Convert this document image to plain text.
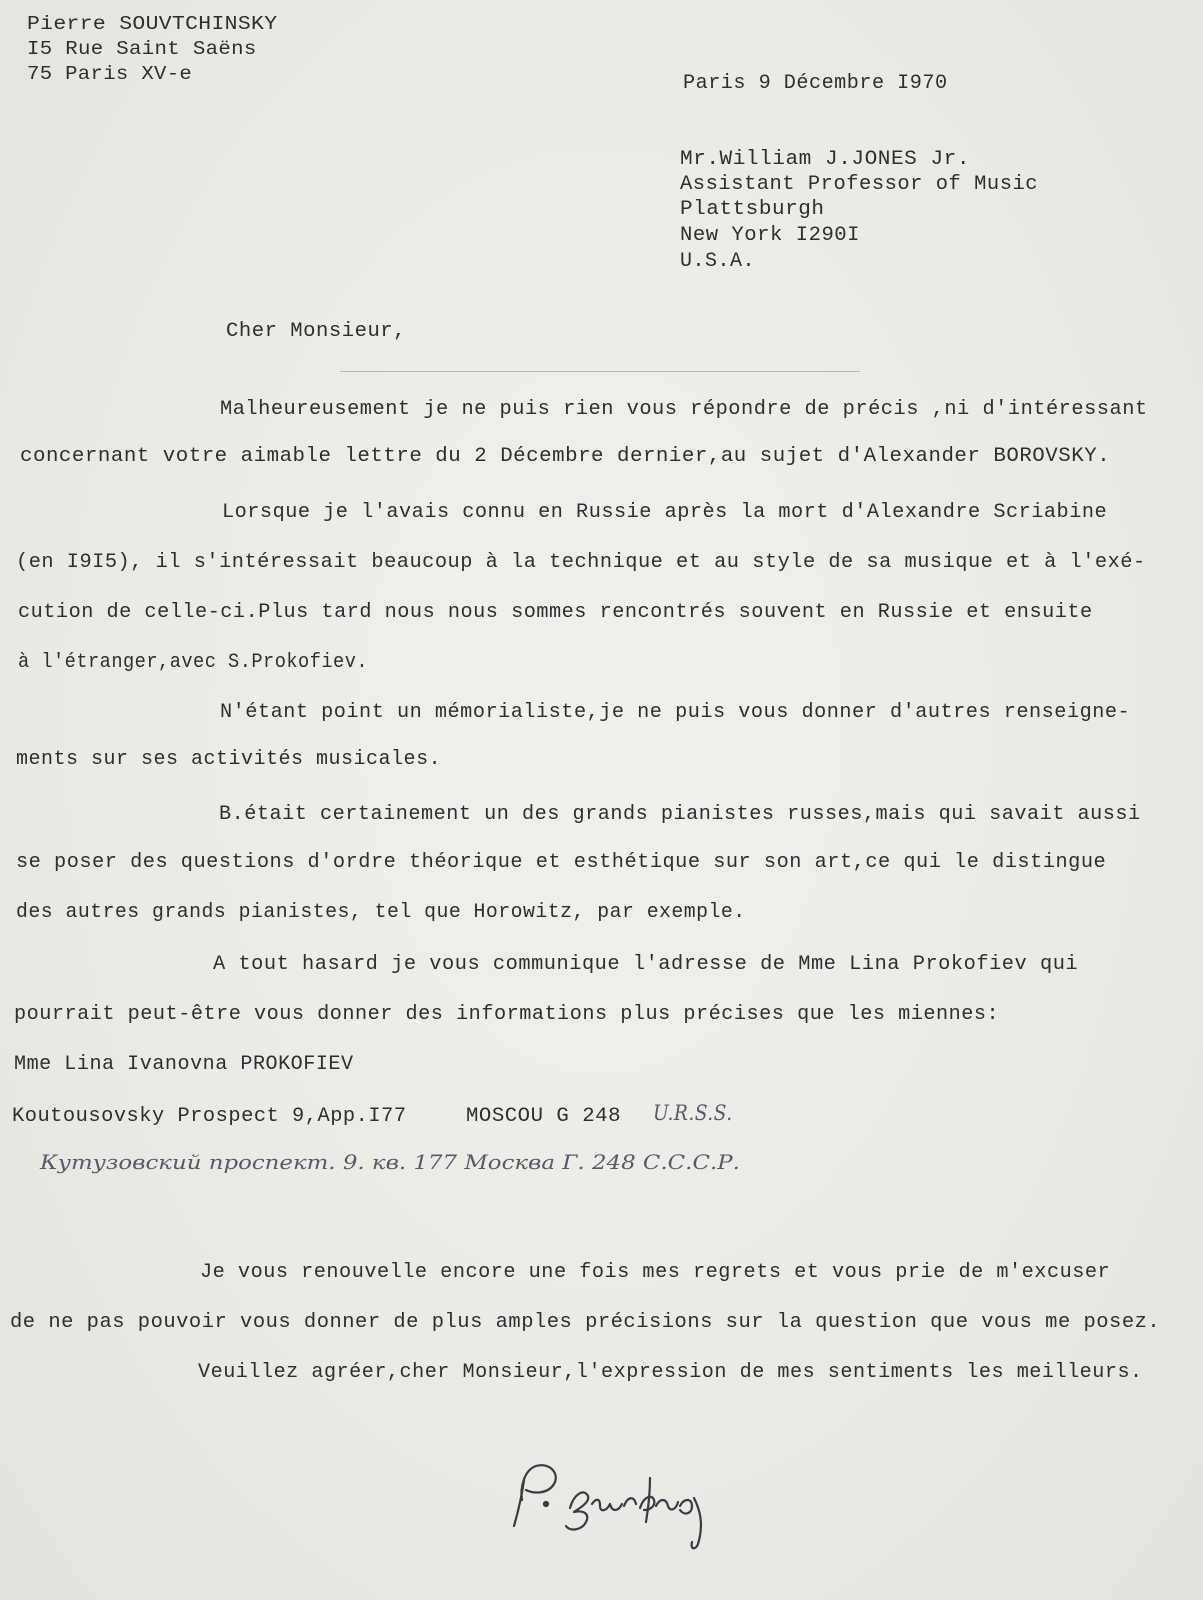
Pierre SOUVTCHINSKY
I5 Rue Saint Saëns
75 Paris XV-e	Paris 9 Décembre I970
Mr.William J.JONES Jr.
Assistant Professor of Music
Plattsburgh
New York I290I
U.S.A.
Cher Monsieur,
Malheureusement je ne puis rien vous répondre de précis ,ni d'intéressant
concernant votre aimable lettre du 2 Décembre dernier,au sujet d'Alexander BOROVSKY.
Lorsque je l'avais connu en Russie après la mort d'Alexandre Scriabine
(en I9I5), il s'intéressait beaucoup à la technique et au style de sa musique et à l'exé-
cution de celle-ci.Plus tard nous nous sommes rencontrés souvent en Russie et ensuite
à l'étranger,avec S.Prokofiev.
N'étant point un mémorialiste,je ne puis vous donner d'autres renseigne-
ments sur ses activités musicales.
B.était certainement un des grands pianistes russes,mais qui savait aussi
se poser des questions d'ordre théorique et esthétique sur son art,ce qui le distingue
des autres grands pianistes, tel que Horowitz, par exemple.
A tout hasard je vous communique l'adresse de Mme Lina Prokofiev qui
pourrait peut-être vous donner des informations plus précises que les miennes:
Mme Lina Ivanovna PROKOFIEV
Koutousovsky Prospect 9,App.I77	MOSCOU G 248 U.R.S.S.
Кутузовский проспект. 9. кв. 177 Москва Г. 248 С.С.С.Р.
Je vous renouvelle encore une fois mes regrets et vous prie de m'excuser
de ne pas pouvoir vous donner de plus amples précisions sur la question que vous me posez.
Veuillez agréer,cher Monsieur,l'expression de mes sentiments les meilleurs.
